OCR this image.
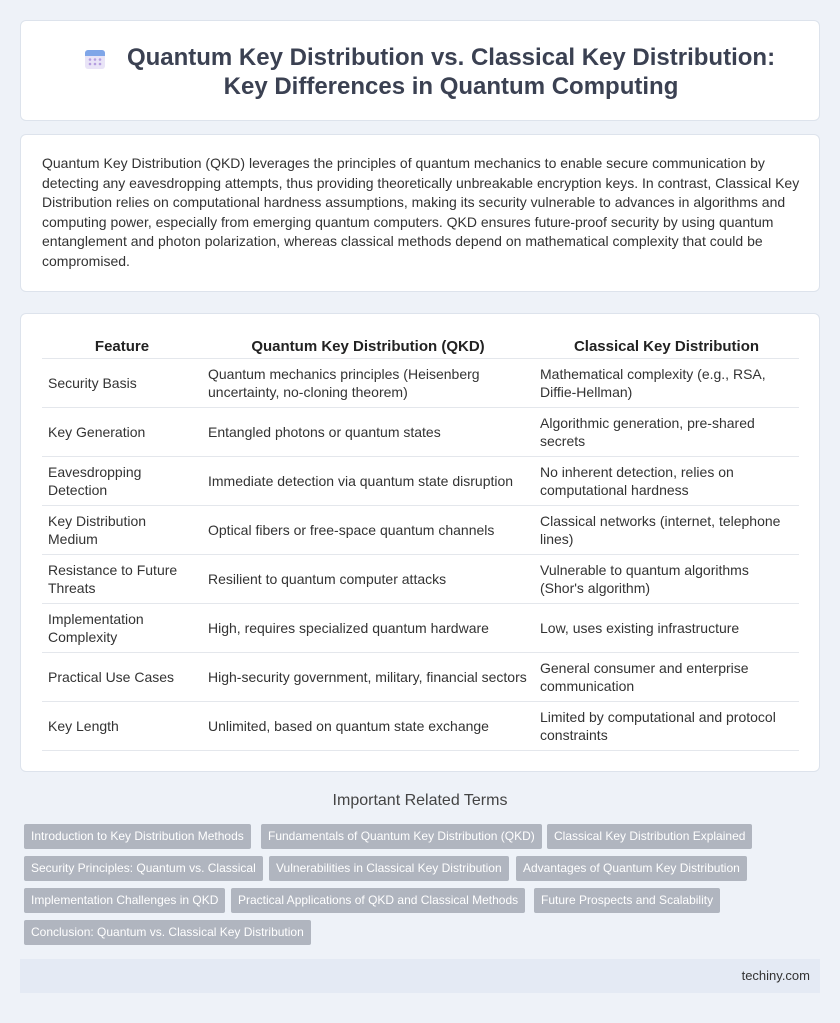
Quantum Key Distribution vs. Classical Key Distribution: Key Differences in Quantum Computing

Quantum Key Distribution (QKD) leverages the principles of quantum mechanics to enable secure communication by detecting any eavesdropping attempts, thus providing theoretically unbreakable encryption keys. In contrast, Classical Key Distribution relies on computational hardness assumptions, making its security vulnerable to advances in algorithms and computing power, especially from emerging quantum computers. QKD ensures future-proof security by using quantum entanglement and photon polarization, whereas classical methods depend on mathematical complexity that could be compromised.

Feature	Quantum Key Distribution (QKD)	Classical Key Distribution
Security Basis	Quantum mechanics principles (Heisenberg uncertainty, no-cloning theorem)	Mathematical complexity (e.g., RSA, Diffie-Hellman)
Key Generation	Entangled photons or quantum states	Algorithmic generation, pre-shared secrets
Eavesdropping Detection	Immediate detection via quantum state disruption	No inherent detection, relies on computational hardness
Key Distribution Medium	Optical fibers or free-space quantum channels	Classical networks (internet, telephone lines)
Resistance to Future Threats	Resilient to quantum computer attacks	Vulnerable to quantum algorithms (Shor's algorithm)
Implementation Complexity	High, requires specialized quantum hardware	Low, uses existing infrastructure
Practical Use Cases	High-security government, military, financial sectors	General consumer and enterprise communication
Key Length	Unlimited, based on quantum state exchange	Limited by computational and protocol constraints
Important Related Terms
Introduction to Key Distribution Methods	Fundamentals of Quantum Key Distribution (QKD)	Classical Key Distribution Explained
Security Principles: Quantum vs. Classical	Vulnerabilities in Classical Key Distribution	Advantages of Quantum Key Distribution
Implementation Challenges in QKD	Practical Applications of QKD and Classical Methods	Future Prospects and Scalability
Conclusion: Quantum vs. Classical Key Distribution
techiny.com
